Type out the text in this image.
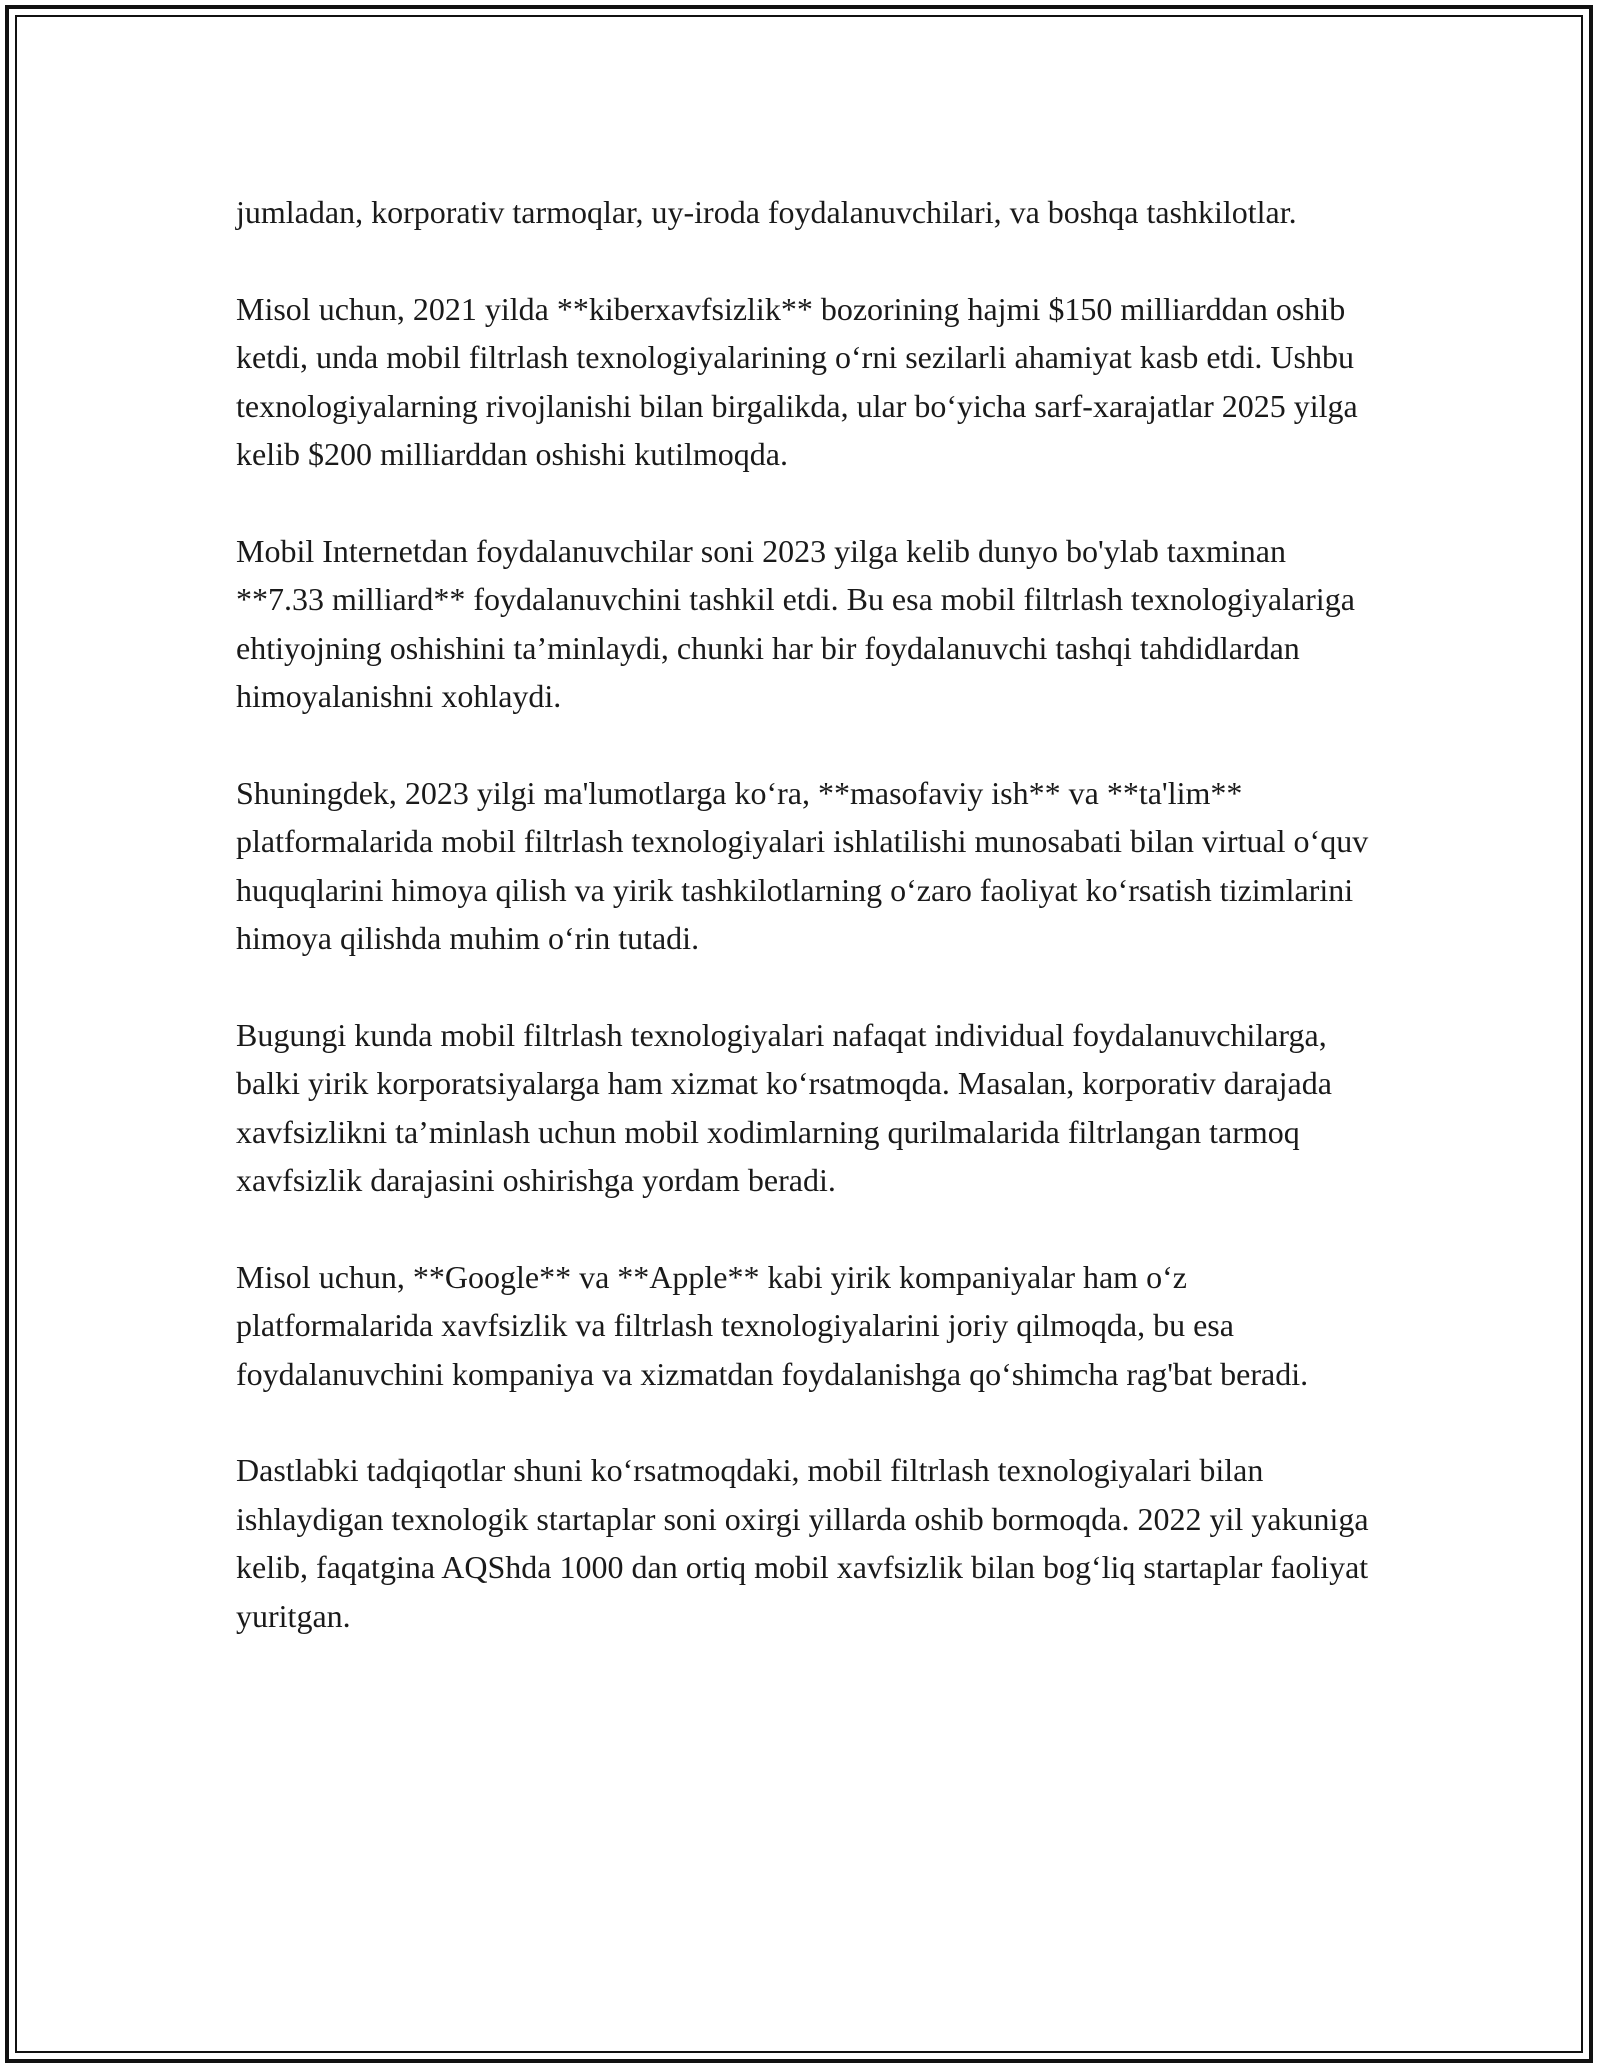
jumladan, korporativ tarmoqlar, uy-iroda foydalanuvchilari, va boshqa tashkilotlar.

Misol uchun, 2021 yilda **kiberxavfsizlik** bozorining hajmi $150 milliarddan oshib ketdi, unda mobil filtrlash texnologiyalarining o‘rni sezilarli ahamiyat kasb etdi. Ushbu texnologiyalarning rivojlanishi bilan birgalikda, ular bo‘yicha sarf-xarajatlar 2025 yilga kelib $200 milliarddan oshishi kutilmoqda.

Mobil Internetdan foydalanuvchilar soni 2023 yilga kelib dunyo bo'ylab taxminan **7.33 milliard** foydalanuvchini tashkil etdi. Bu esa mobil filtrlash texnologiyalariga ehtiyojning oshishini ta’minlaydi, chunki har bir foydalanuvchi tashqi tahdidlardan himoyalanishni xohlaydi.

Shuningdek, 2023 yilgi ma'lumotlarga ko‘ra, **masofaviy ish** va **ta'lim** platformalarida mobil filtrlash texnologiyalari ishlatilishi munosabati bilan virtual o‘quv huquqlarini himoya qilish va yirik tashkilotlarning o‘zaro faoliyat ko‘rsatish tizimlarini himoya qilishda muhim o‘rin tutadi.

Bugungi kunda mobil filtrlash texnologiyalari nafaqat individual foydalanuvchilarga, balki yirik korporatsiyalarga ham xizmat ko‘rsatmoqda. Masalan, korporativ darajada xavfsizlikni ta’minlash uchun mobil xodimlarning qurilmalarida filtrlangan tarmoq xavfsizlik darajasini oshirishga yordam beradi.

Misol uchun, **Google** va **Apple** kabi yirik kompaniyalar ham o‘z platformalarida xavfsizlik va filtrlash texnologiyalarini joriy qilmoqda, bu esa foydalanuvchini kompaniya va xizmatdan foydalanishga qo‘shimcha rag'bat beradi.

Dastlabki tadqiqotlar shuni ko‘rsatmoqdaki, mobil filtrlash texnologiyalari bilan ishlaydigan texnologik startaplar soni oxirgi yillarda oshib bormoqda. 2022 yil yakuniga kelib, faqatgina AQShda 1000 dan ortiq mobil xavfsizlik bilan bog‘liq startaplar faoliyat yuritgan.
